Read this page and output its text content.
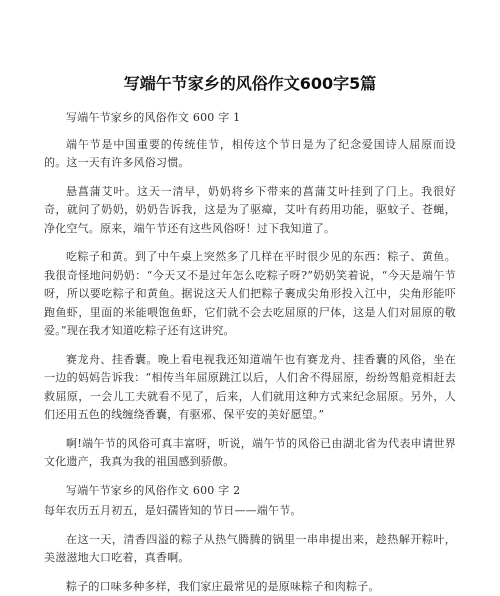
写端午节家乡的风俗作文600字5篇

写端午节家乡的风俗作文 600 字 1

端午节是中国重要的传统佳节，相传这个节日是为了纪念爱国诗人屈原而设的。这一天有许多风俗习惯。

悬菖蒲艾叶。这天一清早，奶奶将乡下带来的菖蒲艾叶挂到了门上。我很好奇，就问了奶奶，奶奶告诉我，这是为了驱瘴，艾叶有药用功能，驱蚊子、苍蝇，净化空气。原来，端午节还有这些风俗呀！过下我知道了。

吃粽子和黄。到了中午桌上突然多了几样在平时很少见的东西：粽子、黄鱼。我很奇怪地问奶奶：“今天又不是过年怎么吃粽子呀?”奶奶笑着说，“今天是端午节呀，所以要吃粽子和黄鱼。据说这天人们把粽子裹成尖角形投入江中，尖角形能吓跑鱼虾，里面的米能喂饱鱼虾，它们就不会去吃屈原的尸体，这是人们对屈原的敬爱。”现在我才知道吃粽子还有这讲究。

赛龙舟、挂香囊。晚上看电视我还知道端午也有赛龙舟、挂香囊的风俗，坐在一边的妈妈告诉我：“相传当年屈原跳江以后，人们舍不得屈原，纷纷驾船竞相赶去救屈原，一会儿工夫就看不见了，后来，人们就用这种方式来纪念屈原。另外，人们还用五色的线缠绕香囊，有驱邪、保平安的美好愿望。”

啊!端午节的风俗可真丰富呀，听说，端午节的风俗已由湖北省为代表申请世界文化遗产，我真为我的祖国感到骄傲。

写端午节家乡的风俗作文 600 字 2

每年农历五月初五，是妇孺皆知的节日——端午节。

在这一天，清香四溢的粽子从热气腾腾的锅里一串串提出来，趁热解开粽叶，美滋滋地大口吃着，真香啊。

粽子的口味多种多样，我们家庄最常见的是原味粽子和肉粽子。
